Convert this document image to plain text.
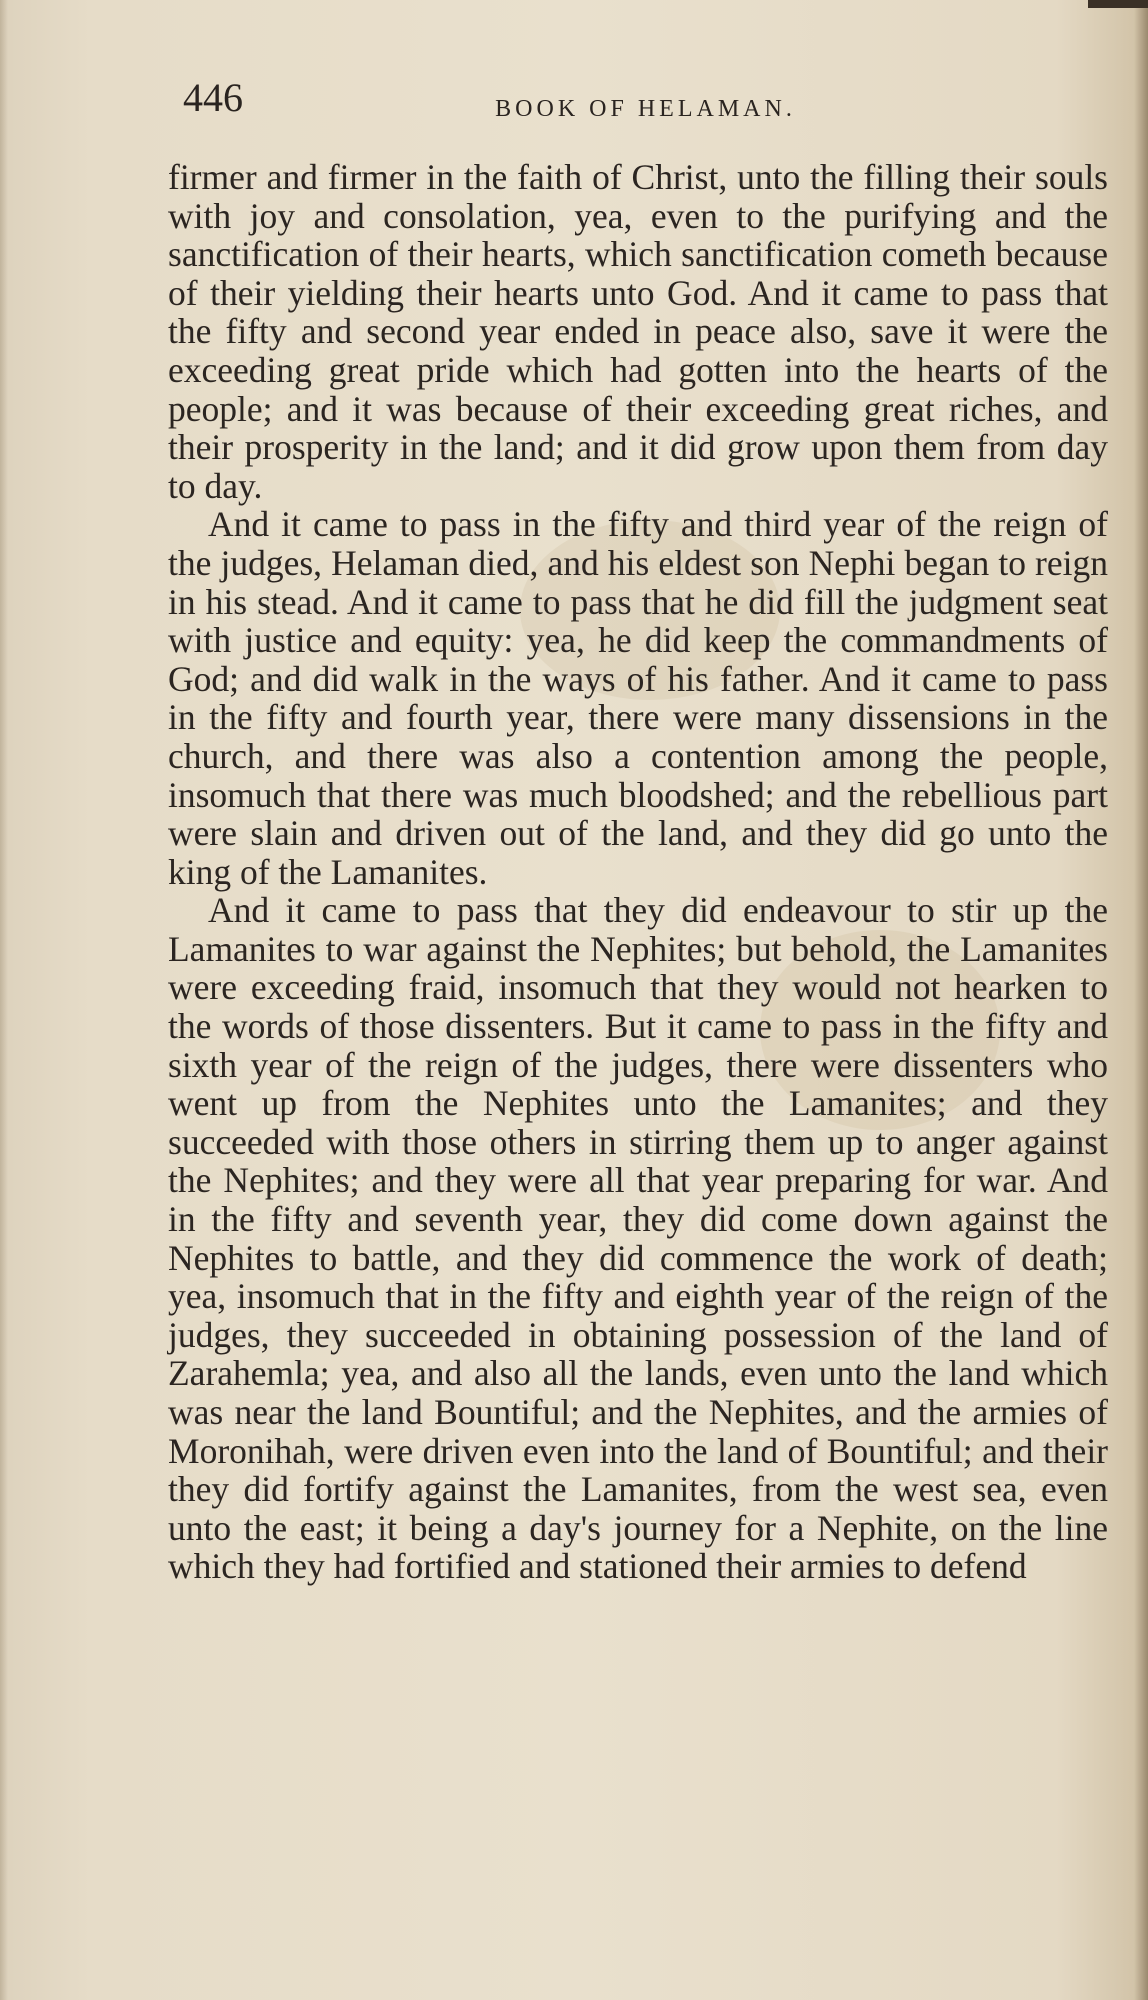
446	BOOK OF HELAMAN.

firmer and firmer in the faith of Christ, unto the filling their souls with joy and consolation, yea, even to the purifying and the sanctification of their hearts, which sanctification cometh because of their yielding their hearts unto God. And it came to pass that the fifty and second year ended in peace also, save it were the exceeding great pride which had gotten into the hearts of the people; and it was because of their exceeding great riches, and their prosperity in the land; and it did grow upon them from day to day.

And it came to pass in the fifty and third year of the reign of the judges, Helaman died, and his eldest son Nephi began to reign in his stead. And it came to pass that he did fill the judgment seat with justice and equity: yea, he did keep the commandments of God; and did walk in the ways of his father. And it came to pass in the fifty and fourth year, there were many dissensions in the church, and there was also a contention among the people, insomuch that there was much bloodshed; and the rebellious part were slain and driven out of the land, and they did go unto the king of the Lamanites.

And it came to pass that they did endeavour to stir up the Lamanites to war against the Nephites; but behold, the Lamanites were exceeding fraid, insomuch that they would not hearken to the words of those dissenters. But it came to pass in the fifty and sixth year of the reign of the judges, there were dissenters who went up from the Nephites unto the Lamanites; and they succeeded with those others in stirring them up to anger against the Nephites; and they were all that year preparing for war. And in the fifty and seventh year, they did come down against the Nephites to battle, and they did commence the work of death; yea, insomuch that in the fifty and eighth year of the reign of the judges, they succeeded in obtaining possession of the land of Zarahemla; yea, and also all the lands, even unto the land which was near the land Bountiful; and the Nephites, and the armies of Moronihah, were driven even into the land of Bountiful; and their they did fortify against the Lamanites, from the west sea, even unto the east; it being a day's journey for a Nephite, on the line which they had fortified and stationed their armies to defend
